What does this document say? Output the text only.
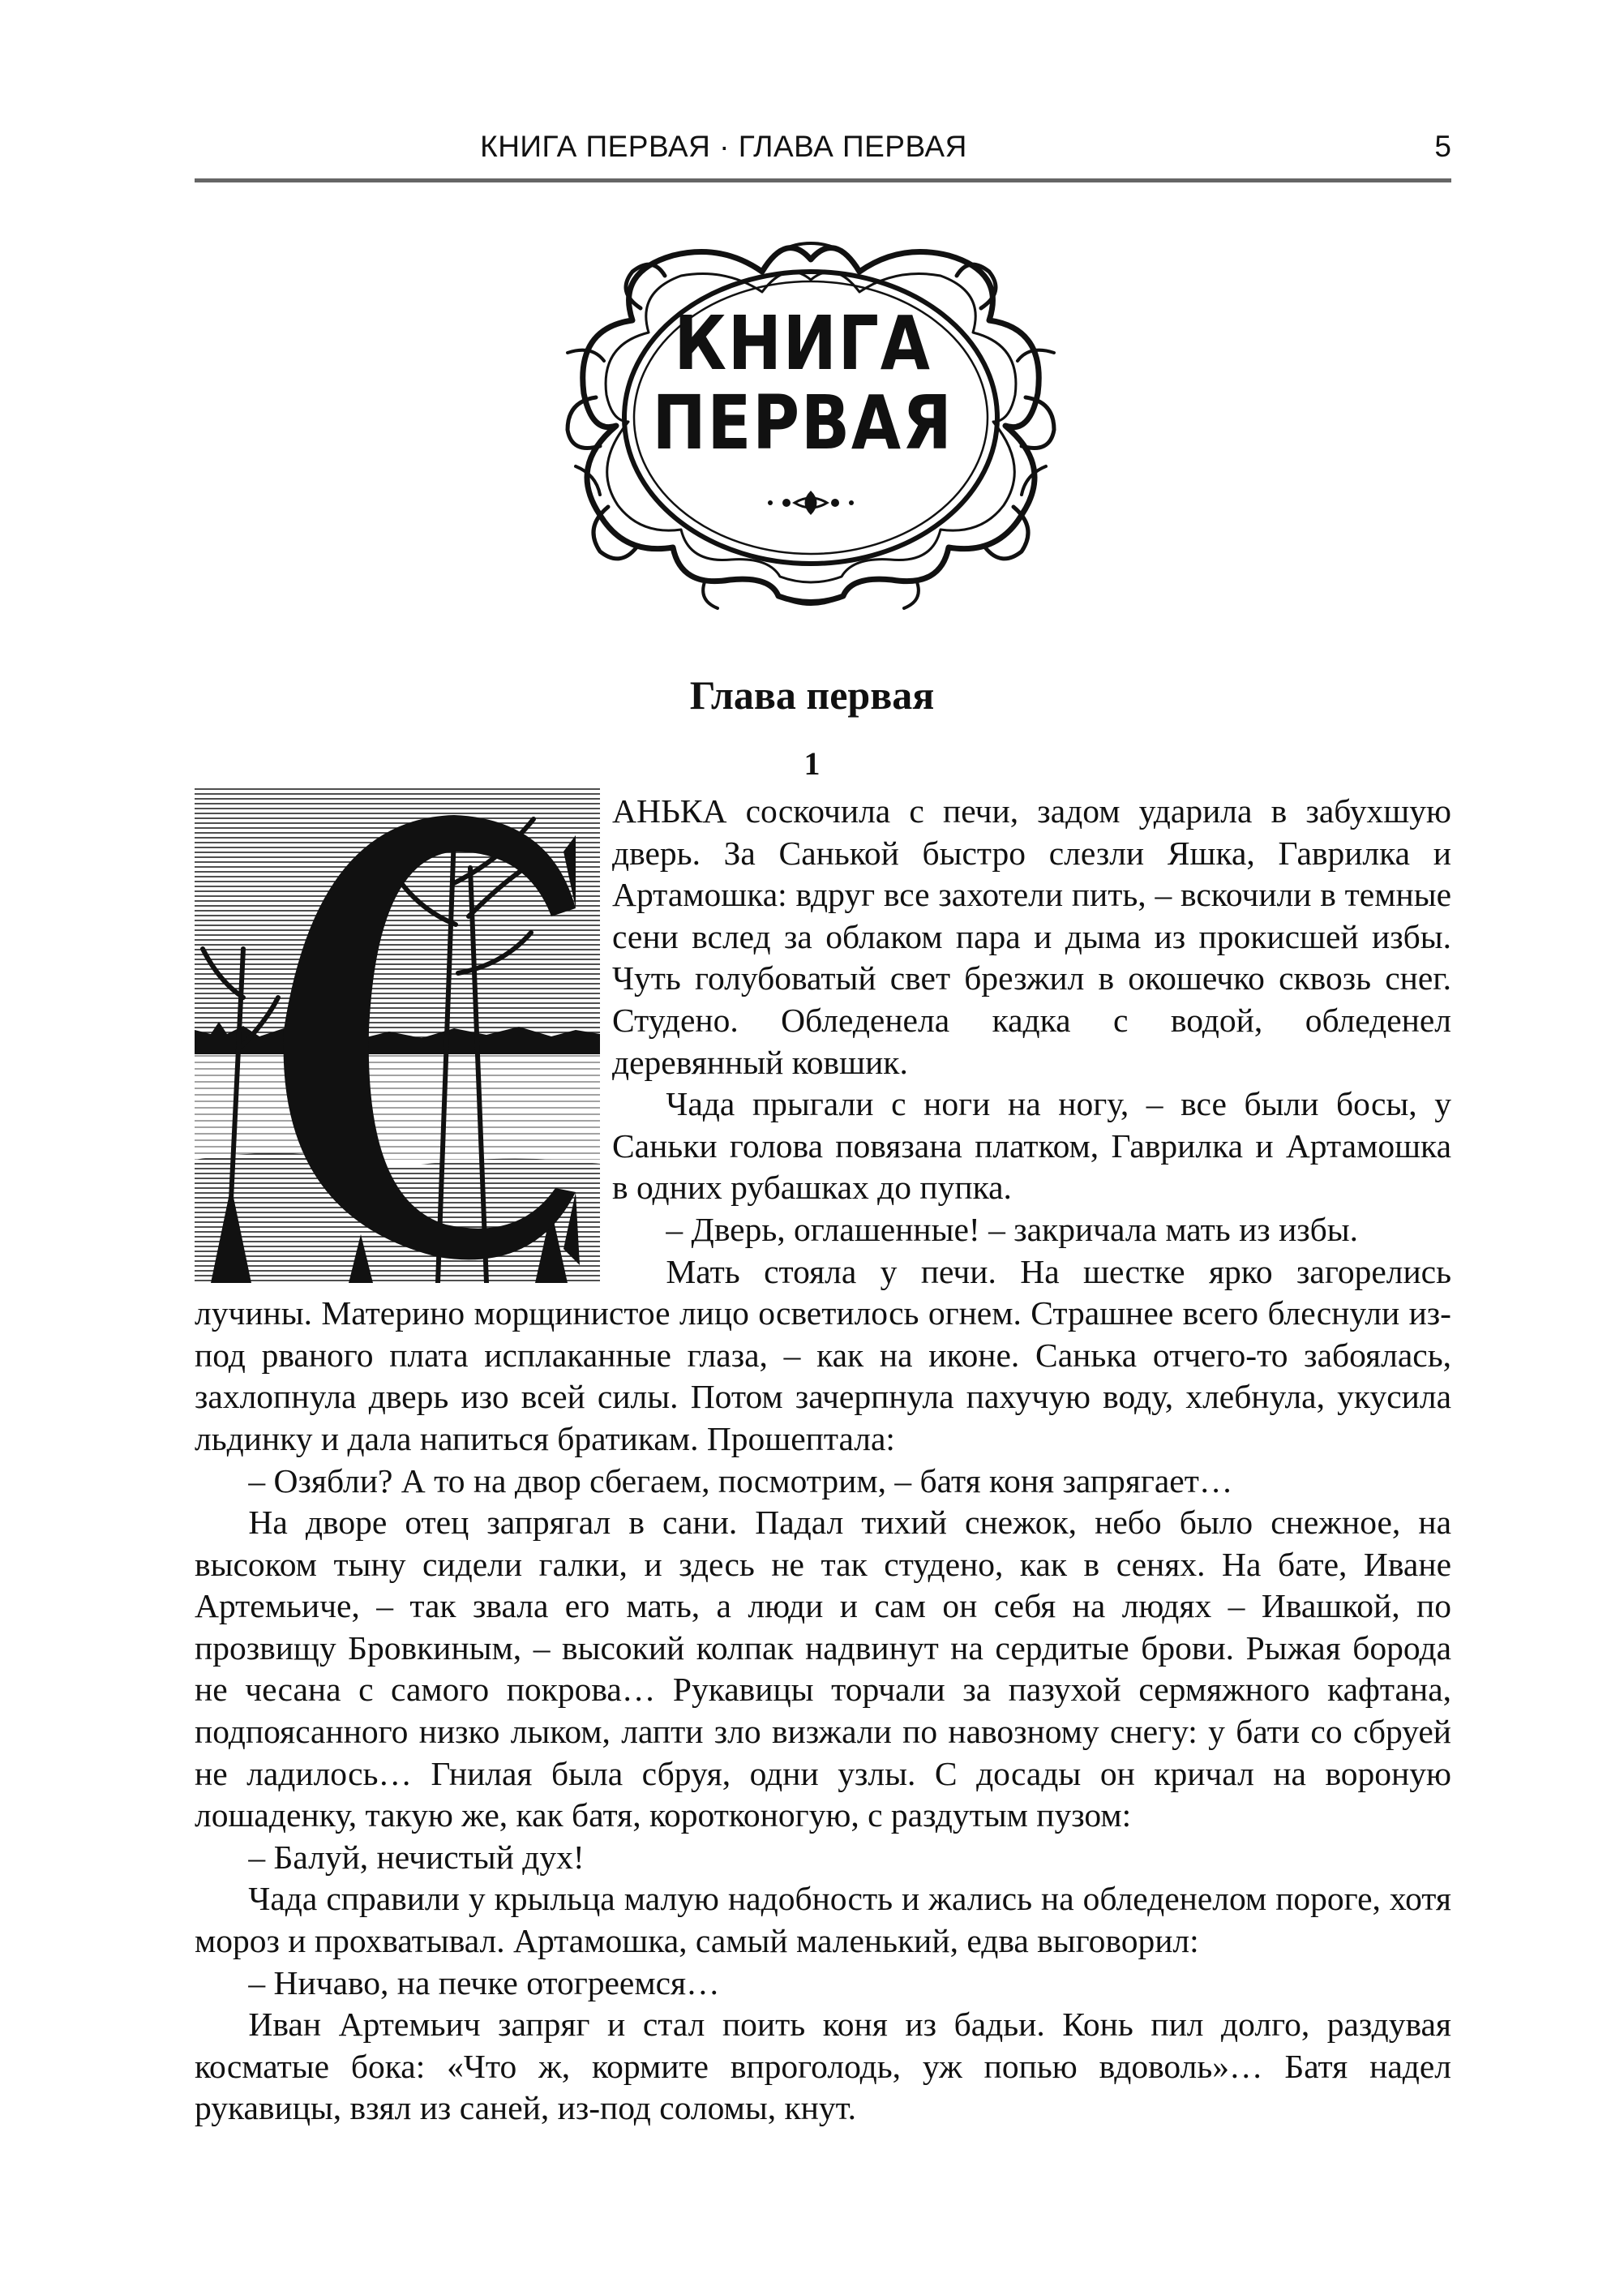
КНИГА ПЕРВАЯ · ГЛАВА ПЕРВАЯ	5
КНИГА
ПЕРВАЯ
Глава первая
1

АНЬКА соскочила с печи, задом ударила в забухшую дверь. За Санькой быстро слезли Яшка, Гаврилка и Артамошка: вдруг все захотели пить, – вскочили в темные сени вслед за облаком пара и дыма из прокисшей избы. Чуть голубоватый свет брезжил в окошечко сквозь снег. Студено. Обледенела кадка с водой, обледенел деревянный ковшик.

Чада прыгали с ноги на ногу, – все были босы, у Саньки голова повязана платком, Гаврилка и Артамошка в одних рубашках до пупка.

– Дверь, оглашенные! – закричала мать из избы.

Мать стояла у печи. На шестке ярко загорелись лучины. Материно морщинистое лицо осветилось огнем. Страшнее всего блеснули из-под рваного плата исплаканные глаза, – как на иконе. Санька отчего-то забоялась, захлопнула дверь изо всей силы. Потом зачерпнула пахучую воду, хлебнула, укусила льдинку и дала напиться братикам. Прошептала:

– Озябли? А то на двор сбегаем, посмотрим, – батя коня запрягает…

На дворе отец запрягал в сани. Падал тихий снежок, небо было снежное, на высоком тыну сидели галки, и здесь не так студено, как в сенях. На бате, Иване Артемьиче, – так звала его мать, а люди и сам он себя на людях – Ивашкой, по прозвищу Бровкиным, – высокий колпак надвинут на сердитые брови. Рыжая борода не чесана с самого покрова… Рукавицы торчали за пазухой сермяжного кафтана, подпоясанного низко лыком, лапти зло визжали по навозному снегу: у бати со сбруей не ладилось… Гнилая была сбруя, одни узлы. С досады он кричал на вороную лошаденку, такую же, как батя, коротконогую, с раздутым пузом:

– Балуй, нечистый дух!

Чада справили у крыльца малую надобность и жались на обледенелом пороге, хотя мороз и прохватывал. Артамошка, самый маленький, едва выговорил:

– Ничаво, на печке отогреемся…

Иван Артемьич запряг и стал поить коня из бадьи. Конь пил долго, раздувая косматые бока: «Что ж, кормите впроголодь, уж попью вдоволь»… Батя надел рукавицы, взял из саней, из-под соломы, кнут.
